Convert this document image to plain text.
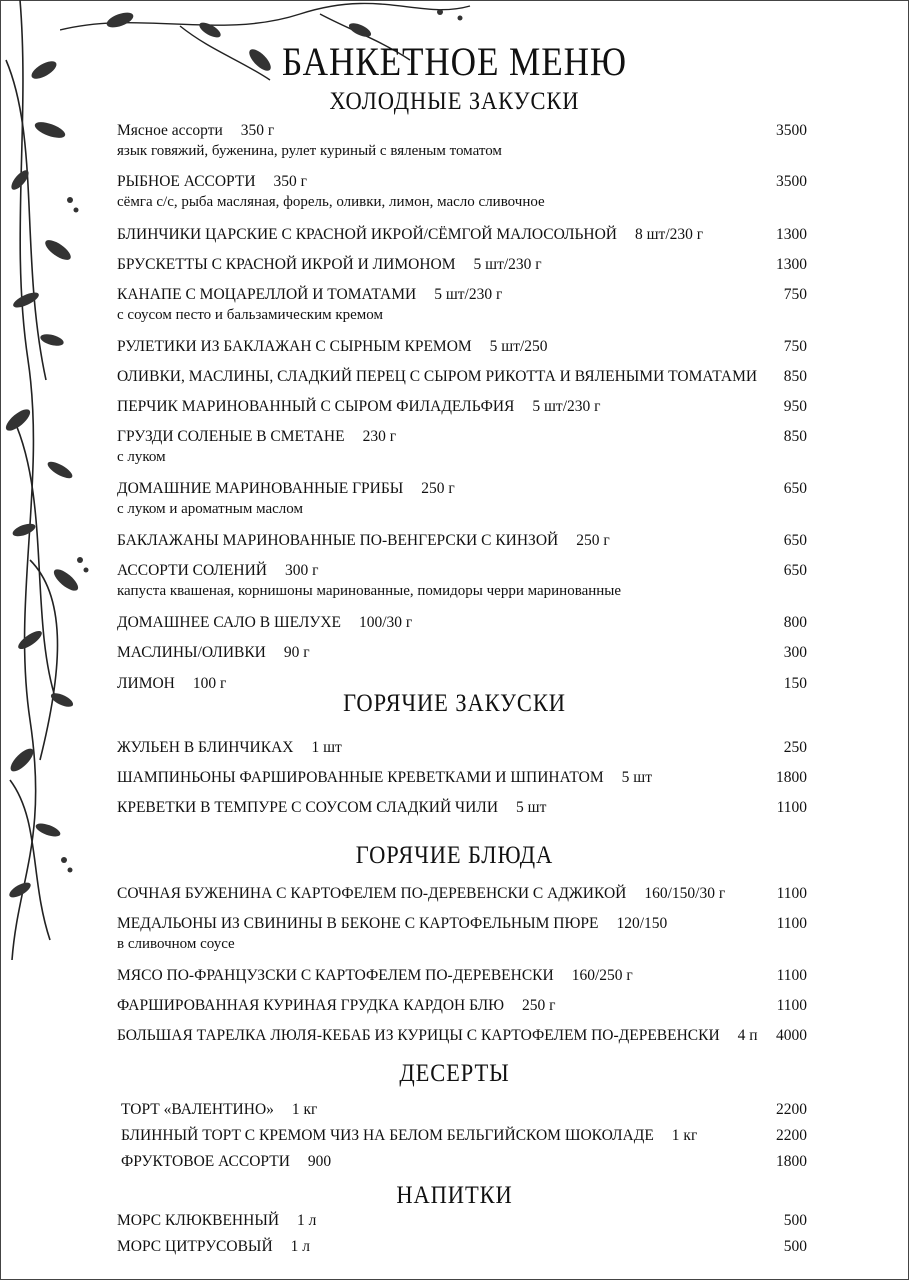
БАНКЕТНОЕ МЕНЮ
ХОЛОДНЫЕ ЗАКУСКИ
Мясное ассорти 350 г	3500
язык говяжий, буженина, рулет куриный с вяленым томатом
РЫБНОЕ АССОРТИ 350 г	3500
сёмга с/с, рыба масляная, форель, оливки, лимон, масло сливочное
БЛИНЧИКИ ЦАРСКИЕ С КРАСНОЙ ИКРОЙ/СЁМГОЙ МАЛОСОЛЬНОЙ 8 шт/230 г	1300
БРУСКЕТТЫ С КРАСНОЙ ИКРОЙ И ЛИМОНОМ 5 шт/230 г	1300
КАНАПЕ С МОЦАРЕЛЛОЙ И ТОМАТАМИ 5 шт/230 г	750
с соусом песто и бальзамическим кремом
РУЛЕТИКИ ИЗ БАКЛАЖАН С СЫРНЫМ КРЕМОМ 5 шт/250	750
ОЛИВКИ, МАСЛИНЫ, СЛАДКИЙ ПЕРЕЦ С СЫРОМ РИКОТТА И ВЯЛЕНЫМИ ТОМАТАМИ 850
ПЕРЧИК МАРИНОВАННЫЙ С СЫРОМ ФИЛАДЕЛЬФИЯ 5 шт/230 г	950
ГРУЗДИ СОЛЕНЫЕ В СМЕТАНЕ 230 г	850
с луком
ДОМАШНИЕ МАРИНОВАННЫЕ ГРИБЫ 250 г	650
с луком и ароматным маслом
БАКЛАЖАНЫ МАРИНОВАННЫЕ ПО-ВЕНГЕРСКИ С КИНЗОЙ 250 г	650
АССОРТИ СОЛЕНИЙ 300 г	650
капуста квашеная, корнишоны маринованные, помидоры черри маринованные
ДОМАШНЕЕ САЛО В ШЕЛУХЕ 100/30 г	800
МАСЛИНЫ/ОЛИВКИ 90 г	300
ЛИМОН 100 г	150
ГОРЯЧИЕ ЗАКУСКИ
ЖУЛЬЕН В БЛИНЧИКАХ 1 шт	250
ШАМПИНЬОНЫ ФАРШИРОВАННЫЕ КРЕВЕТКАМИ И ШПИНАТОМ 5 шт	1800
КРЕВЕТКИ В ТЕМПУРЕ С СОУСОМ СЛАДКИЙ ЧИЛИ 5 шт	1100
ГОРЯЧИЕ БЛЮДА
СОЧНАЯ БУЖЕНИНА С КАРТОФЕЛЕМ ПО-ДЕРЕВЕНСКИ С АДЖИКОЙ 160/150/30 г	1100
МЕДАЛЬОНЫ ИЗ СВИНИНЫ В БЕКОНЕ С КАРТОФЕЛЬНЫМ ПЮРЕ 120/150	1100
в сливочном соусе
МЯСО ПО-ФРАНЦУЗСКИ С КАРТОФЕЛЕМ ПО-ДЕРЕВЕНСКИ 160/250 г	1100
ФАРШИРОВАННАЯ КУРИНАЯ ГРУДКА КАРДОН БЛЮ 250 г	1100
БОЛЬШАЯ ТАРЕЛКА ЛЮЛЯ-КЕБАБ ИЗ КУРИЦЫ С КАРТОФЕЛЕМ ПО-ДЕРЕВЕНСКИ 4 п 4000
ДЕСЕРТЫ
ТОРТ «ВАЛЕНТИНО» 1 кг	2200
БЛИННЫЙ ТОРТ С КРЕМОМ ЧИЗ НА БЕЛОМ БЕЛЬГИЙСКОМ ШОКОЛАДЕ 1 кг	2200
ФРУКТОВОЕ АССОРТИ 900	1800
НАПИТКИ
МОРС КЛЮКВЕННЫЙ 1 л	500
МОРС ЦИТРУСОВЫЙ 1 л	500
